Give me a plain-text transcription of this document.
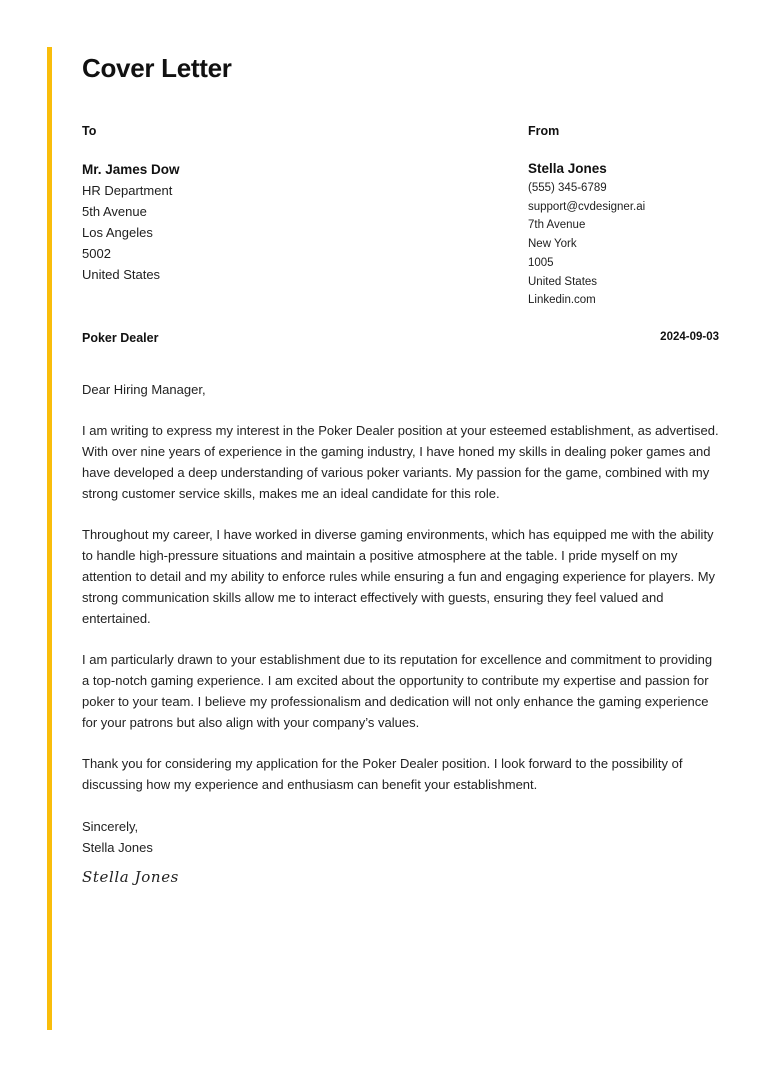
Cover Letter
To	From
Mr. James Dow
HR Department
5th Avenue
Los Angeles
5002
United States
Stella Jones
(555) 345-6789
support@cvdesigner.ai
7th Avenue
New York
1005
United States
Linkedin.com
Poker Dealer	2024-09-03

Dear Hiring Manager,

I am writing to express my interest in the Poker Dealer position at your esteemed establishment, as advertised. With over nine years of experience in the gaming industry, I have honed my skills in dealing poker games and have developed a deep understanding of various poker variants. My passion for the game, combined with my strong customer service skills, makes me an ideal candidate for this role.

Throughout my career, I have worked in diverse gaming environments, which has equipped me with the ability to handle high-pressure situations and maintain a positive atmosphere at the table. I pride myself on my attention to detail and my ability to enforce rules while ensuring a fun and engaging experience for players. My strong communication skills allow me to interact effectively with guests, ensuring they feel valued and entertained.

I am particularly drawn to your establishment due to its reputation for excellence and commitment to providing a top-notch gaming experience. I am excited about the opportunity to contribute my expertise and passion for poker to your team. I believe my professionalism and dedication will not only enhance the gaming experience for your patrons but also align with your company’s values.

Thank you for considering my application for the Poker Dealer position. I look forward to the possibility of discussing how my experience and enthusiasm can benefit your establishment.

Sincerely,
Stella Jones
Stella Jones
